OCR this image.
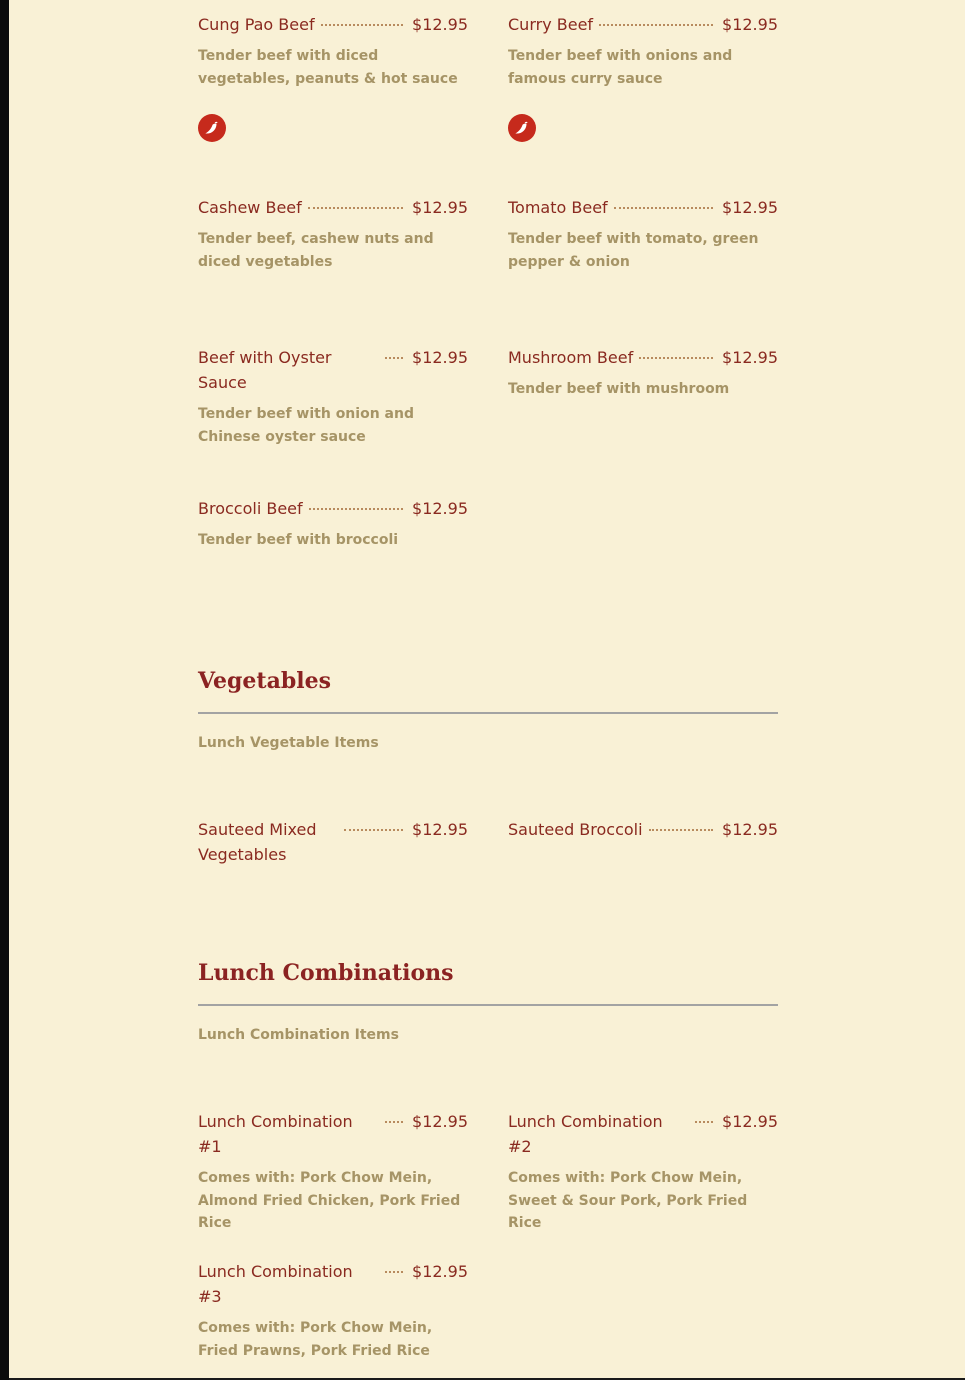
Cung Pao Beef	$12.95
Tender beef with diced vegetables, peanuts & hot sauce
Curry Beef	$12.95
Tender beef with onions and famous curry sauce
Cashew Beef	$12.95
Tender beef, cashew nuts and diced vegetables
Tomato Beef	$12.95
Tender beef with tomato, green pepper & onion
Beef with Oyster Sauce
$12.95
Tender beef with onion and Chinese oyster sauce
Mushroom Beef	$12.95
Tender beef with mushroom
Broccoli Beef	$12.95
Tender beef with broccoli
Vegetables
Lunch Vegetable Items
Sauteed Mixed Vegetables
$12.95	Sauteed Broccoli	$12.95
Lunch Combinations
Lunch Combination Items
Lunch Combination #1
$12.95
Comes with: Pork Chow Mein, Almond Fried Chicken, Pork Fried Rice
Lunch Combination #2
$12.95
Comes with: Pork Chow Mein, Sweet & Sour Pork, Pork Fried Rice
Lunch Combination #3
$12.95
Comes with: Pork Chow Mein, Fried Prawns, Pork Fried Rice
